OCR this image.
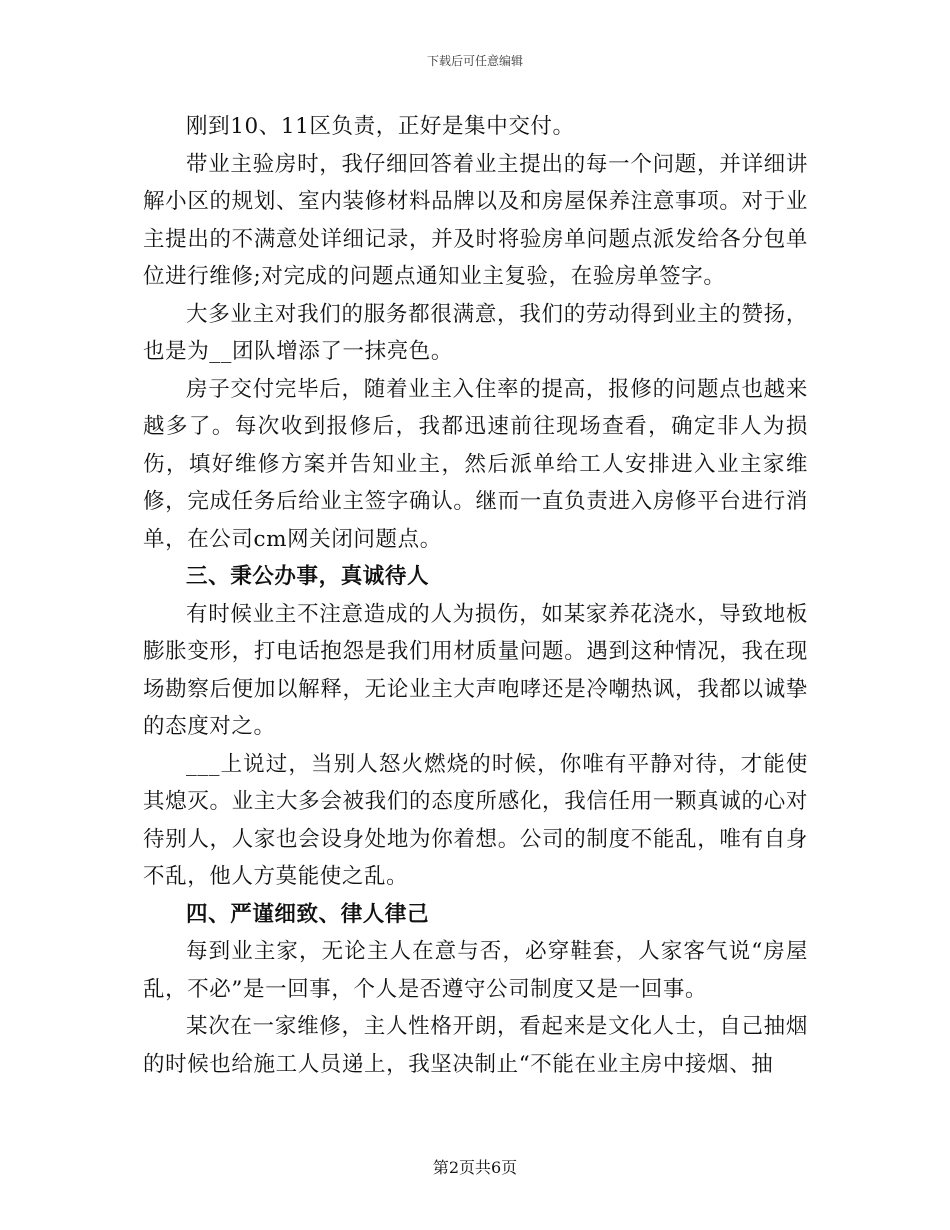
下载后可任意编辑

刚到10、11区负责，正好是集中交付。

带业主验房时，我仔细回答着业主提出的每一个问题，并详细讲解小区的规划、室内装修材料品牌以及和房屋保养注意事项。对于业主提出的不满意处详细记录，并及时将验房单问题点派发给各分包单位进行维修;对完成的问题点通知业主复验，在验房单签字。

大多业主对我们的服务都很满意，我们的劳动得到业主的赞扬，也是为__团队增添了一抹亮色。

房子交付完毕后，随着业主入住率的提高，报修的问题点也越来越多了。每次收到报修后，我都迅速前往现场查看，确定非人为损伤，填好维修方案并告知业主，然后派单给工人安排进入业主家维修，完成任务后给业主签字确认。继而一直负责进入房修平台进行消单，在公司cm网关闭问题点。

三、秉公办事，真诚待人

有时候业主不注意造成的人为损伤，如某家养花浇水，导致地板膨胀变形，打电话抱怨是我们用材质量问题。遇到这种情况，我在现场勘察后便加以解释，无论业主大声咆哮还是冷嘲热讽，我都以诚挚的态度对之。

___上说过，当别人怒火燃烧的时候，你唯有平静对待，才能使其熄灭。业主大多会被我们的态度所感化，我信任用一颗真诚的心对待别人，人家也会设身处地为你着想。公司的制度不能乱，唯有自身不乱，他人方莫能使之乱。

四、严谨细致、律人律己

每到业主家，无论主人在意与否，必穿鞋套，人家客气说“房屋乱，不必”是一回事，个人是否遵守公司制度又是一回事。

某次在一家维修，主人性格开朗，看起来是文化人士，自己抽烟的时候也给施工人员递上，我坚决制止“不能在业主房中接烟、抽

第2页共6页
